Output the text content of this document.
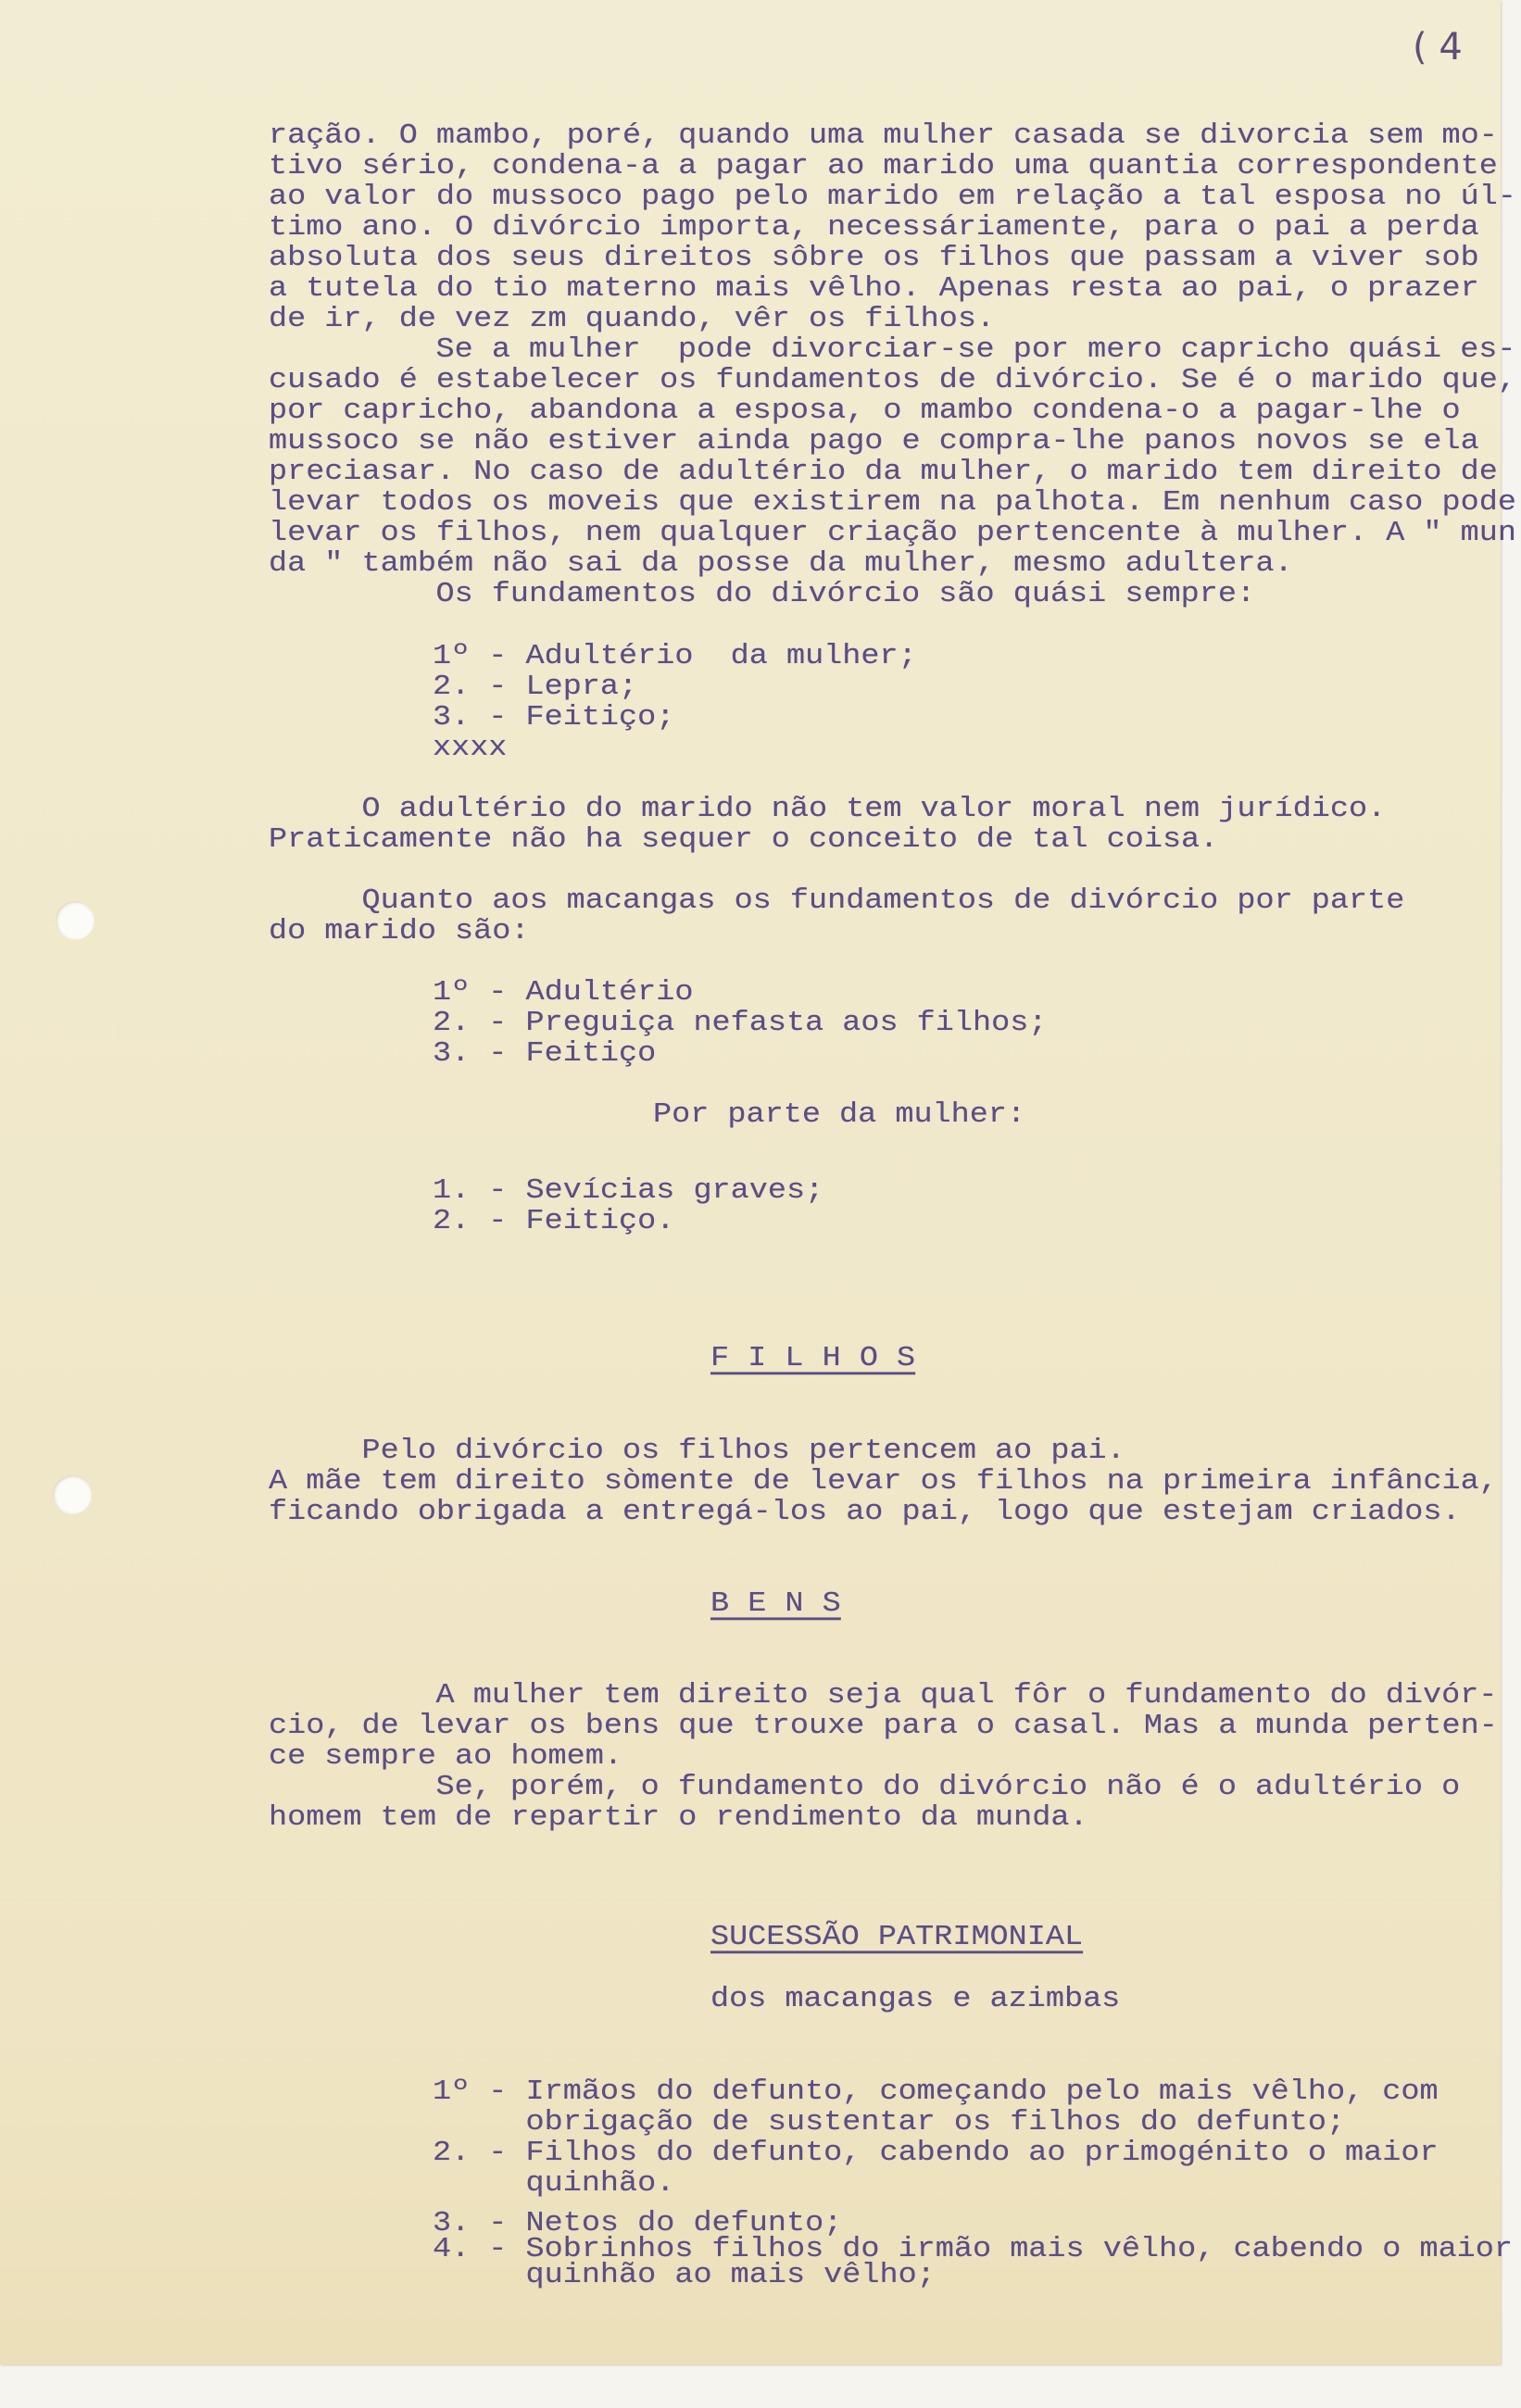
( 4
ração. O mambo, poré, quando uma mulher casada se divorcia sem mo-
tivo sério, condena-a a pagar ao marido uma quantia correspondente
ao valor do mussoco pago pelo marido em relação a tal esposa no úl-
timo ano. O divórcio importa, necessáriamente, para o pai a perda
absoluta dos seus direitos sôbre os filhos que passam a viver sob
a tutela do tio materno mais vêlho. Apenas resta ao pai, o prazer
de ir, de vez zm quando, vêr os filhos.
Se a mulher  pode divorciar-se por mero capricho quási es-
cusado é estabelecer os fundamentos de divórcio. Se é o marido que,
por capricho, abandona a esposa, o mambo condena-o a pagar-lhe o
mussoco se não estiver ainda pago e compra-lhe panos novos se ela
preciasar. No caso de adultério da mulher, o marido tem direito de
levar todos os moveis que existirem na palhota. Em nenhum caso pode
levar os filhos, nem qualquer criação pertencente à mulher. A " mun
da " também não sai da posse da mulher, mesmo adultera.
Os fundamentos do divórcio são quási sempre:
1º - Adultério  da mulher;
2. - Lepra;
3. - Feitiço;
xxxx
O adultério do marido não tem valor moral nem jurídico.
Praticamente não ha sequer o conceito de tal coisa.
Quanto aos macangas os fundamentos de divórcio por parte
do marido são:
1º - Adultério
2. - Preguiça nefasta aos filhos;
3. - Feitiço
Por parte da mulher:
1. - Sevícias graves;
2. - Feitiço.
F I L H O S
Pelo divórcio os filhos pertencem ao pai.
A mãe tem direito sòmente de levar os filhos na primeira infância,
ficando obrigada a entregá-los ao pai, logo que estejam criados.
B E N S
A mulher tem direito seja qual fôr o fundamento do divór-
cio, de levar os bens que trouxe para o casal. Mas a munda perten-
ce sempre ao homem.
Se, porém, o fundamento do divórcio não é o adultério o
homem tem de repartir o rendimento da munda.
SUCESSÃO PATRIMONIAL
dos macangas e azimbas
1º - Irmãos do defunto, começando pelo mais vêlho, com
obrigação de sustentar os filhos do defunto;
2. - Filhos do defunto, cabendo ao primogénito o maior
quinhão.
3. - Netos do defunto;
4. - Sobrinhos filhos do irmão mais vêlho, cabendo o maior
quinhão ao mais vêlho;
